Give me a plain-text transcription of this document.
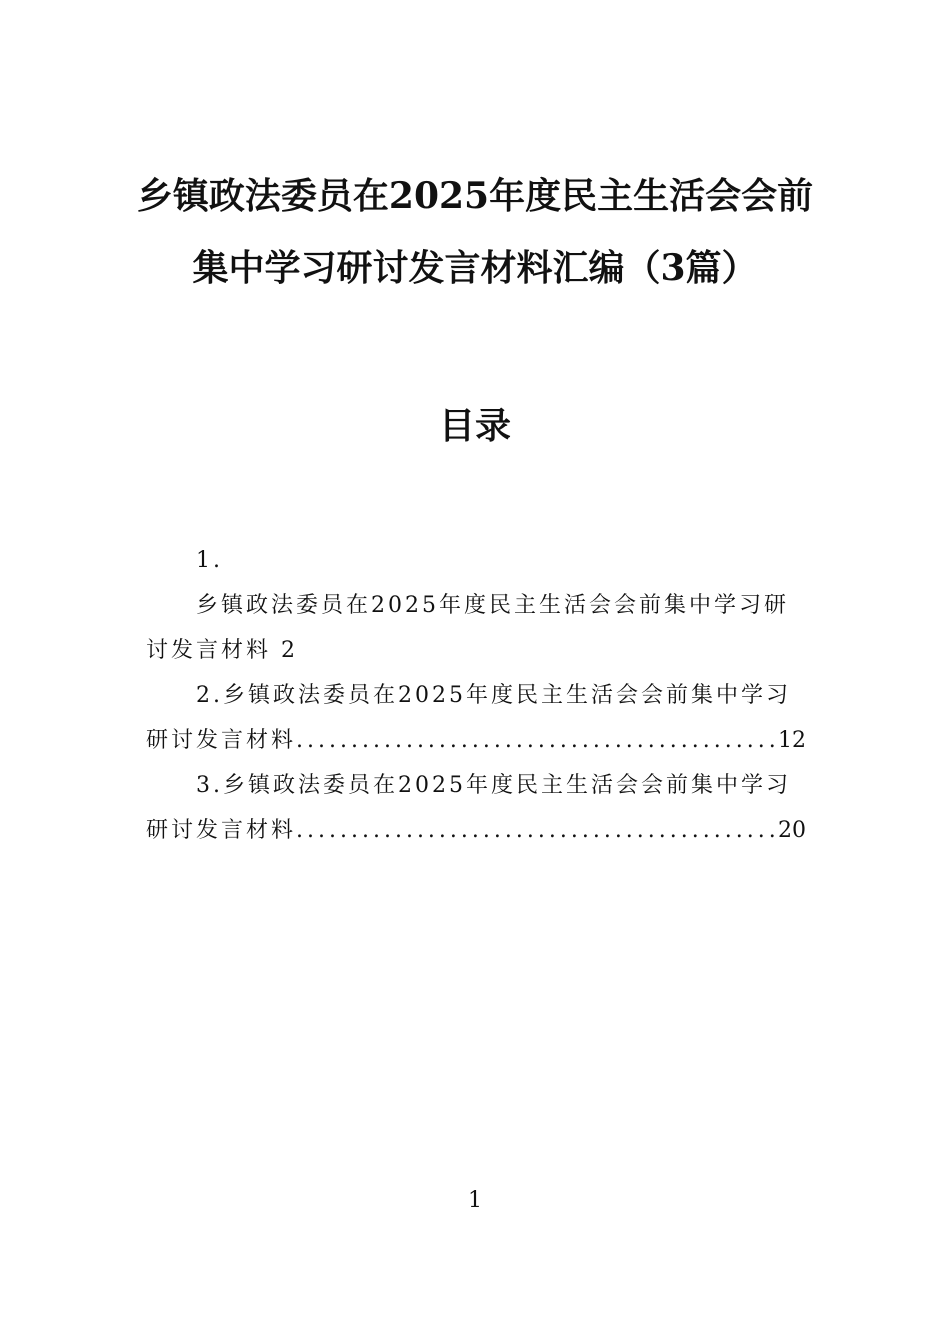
乡镇政法委员在2025年度民主生活会会前
集中学习研讨发言材料汇编（3篇）
目录
1.
乡镇政法委员在2025年度民主生活会会前集中学习研
讨发言材料 2
2.乡镇政法委员在2025年度民主生活会会前集中学习
研讨发言材料 .....	12
3.乡镇政法委员在2025年度民主生活会会前集中学习
研讨发言材料 .....	20
1
